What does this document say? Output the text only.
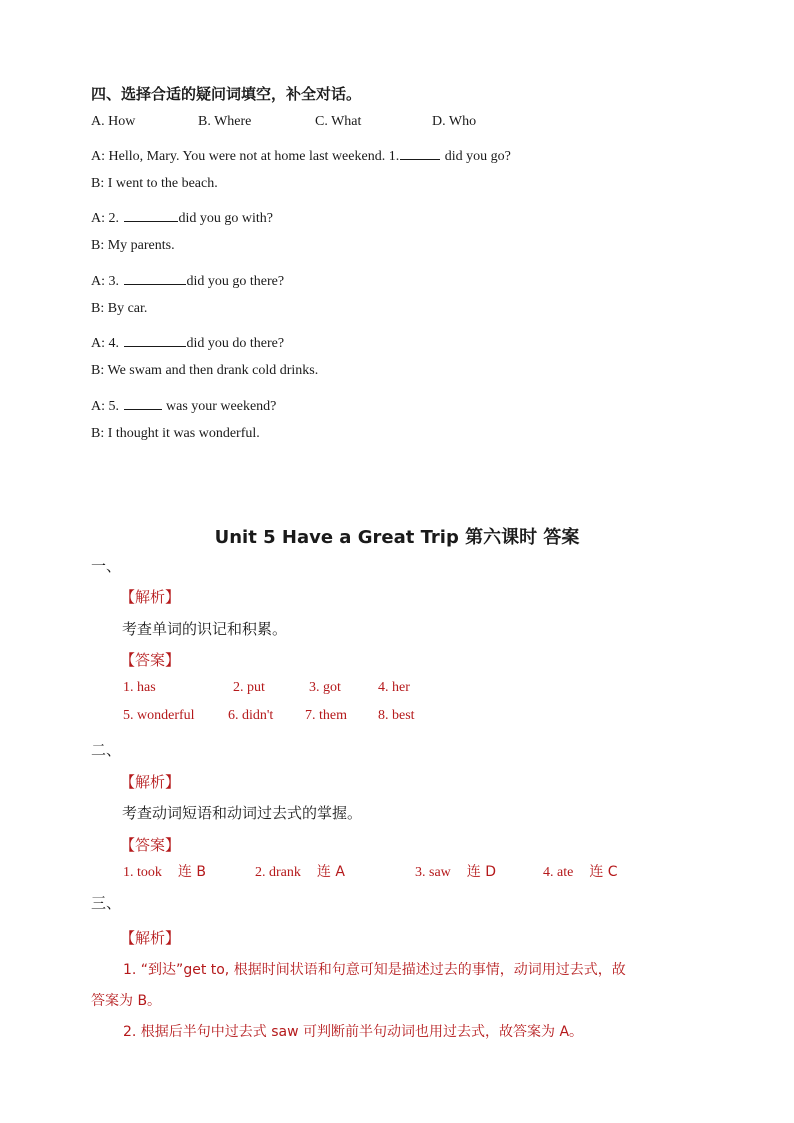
四、选择合适的疑问词填空，补全对话。
A. How	B. Where	C. What	D. Who
A: Hello, Mary. You were not at home last weekend. 1.	did you go?
B: I went to the beach.
A: 2.	did you go with?
B: My parents.
A: 3.	did you go there?
B: By car.
A: 4.	did you do there?
B: We swam and then drank cold drinks.
A: 5.	was your weekend?
B: I thought it was wonderful.
Unit 5 Have a Great Trip 第六课时 答案
一、
【解析】
考查单词的识记和积累。
【答案】
1. has	2. put	3. got	4. her
5. wonderful 6. didn't 7. them 8. best
二、
【解析】
考查动词短语和动词过去式的掌握。
【答案】
1. took 连 B	2. drank 连 A	3. saw 连 D	4. ate 连 C
三、
【解析】
1. “到达”get to, 根据时间状语和句意可知是描述过去的事情，动词用过去式，故
答案为 B。
2. 根据后半句中过去式 saw 可判断前半句动词也用过去式，故答案为 A。
